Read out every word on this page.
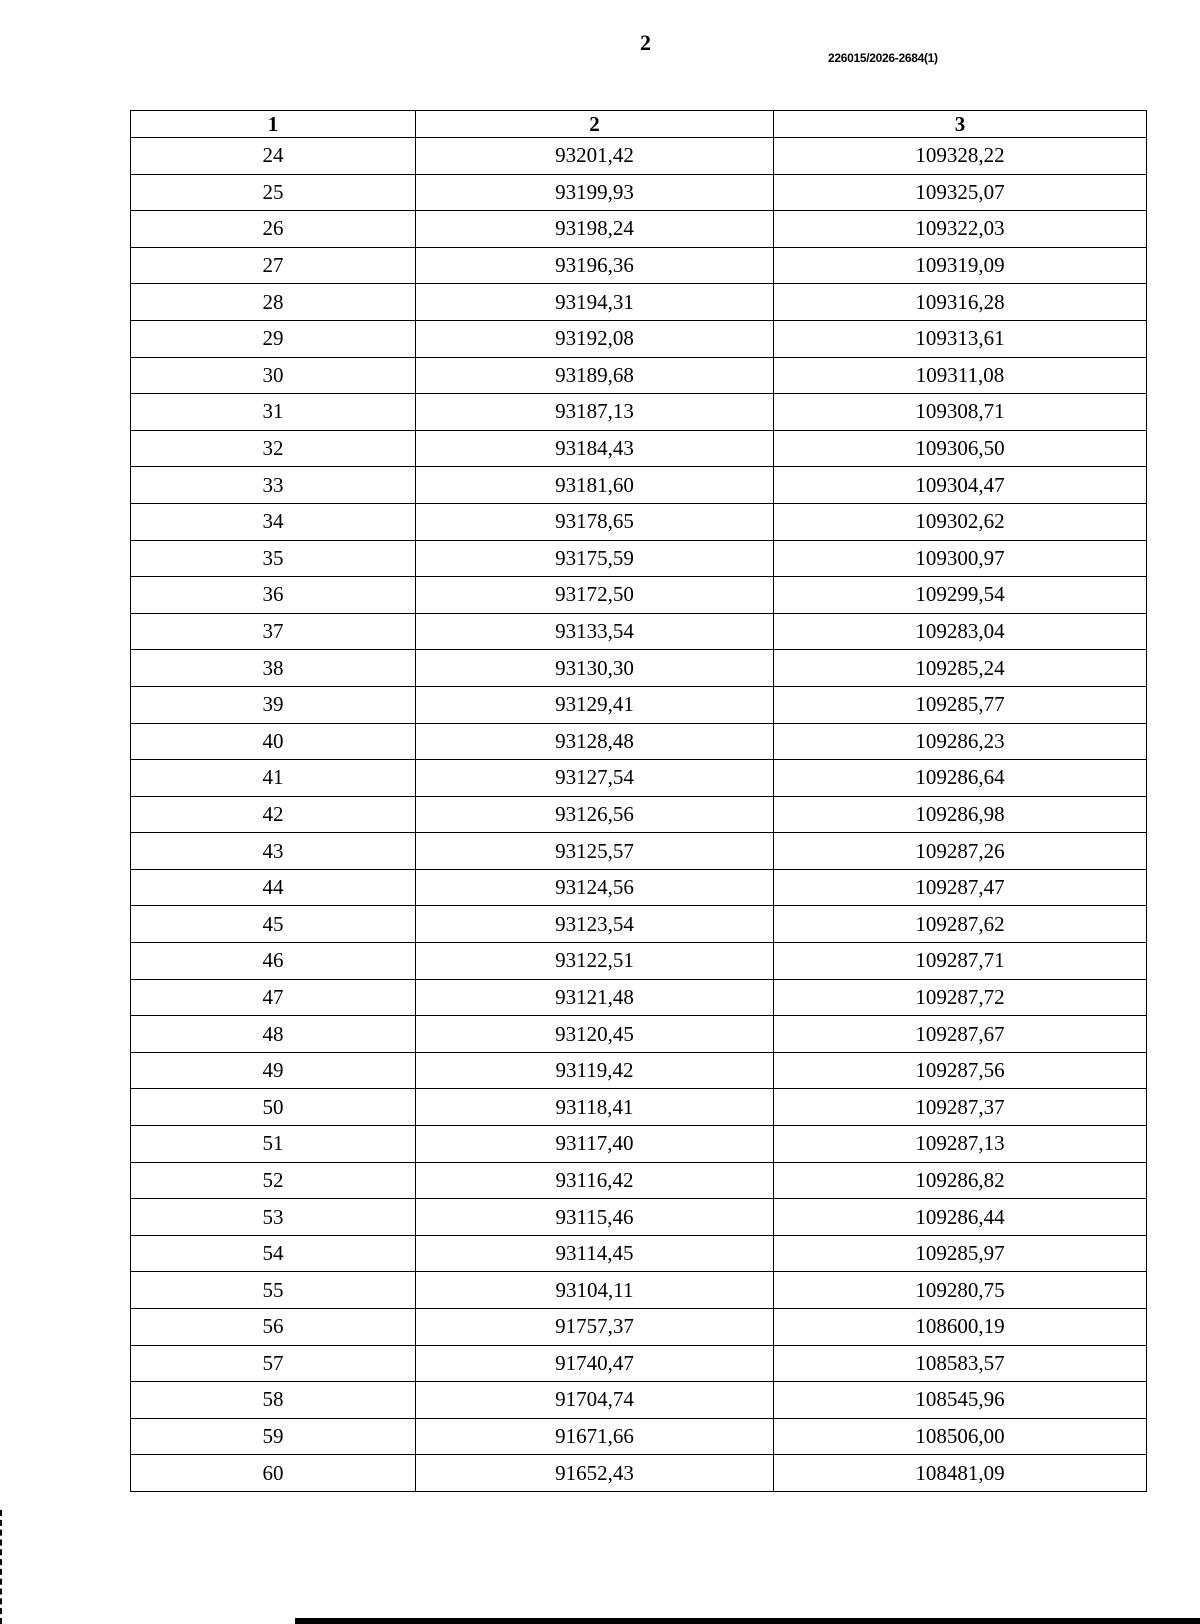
2
226015/2026-2684(1)
1	2	3
24	93201,42	109328,22
25	93199,93	109325,07
26	93198,24	109322,03
27	93196,36	109319,09
28	93194,31	109316,28
29	93192,08	109313,61
30	93189,68	109311,08
31	93187,13	109308,71
32	93184,43	109306,50
33	93181,60	109304,47
34	93178,65	109302,62
35	93175,59	109300,97
36	93172,50	109299,54
37	93133,54	109283,04
38	93130,30	109285,24
39	93129,41	109285,77
40	93128,48	109286,23
41	93127,54	109286,64
42	93126,56	109286,98
43	93125,57	109287,26
44	93124,56	109287,47
45	93123,54	109287,62
46	93122,51	109287,71
47	93121,48	109287,72
48	93120,45	109287,67
49	93119,42	109287,56
50	93118,41	109287,37
51	93117,40	109287,13
52	93116,42	109286,82
53	93115,46	109286,44
54	93114,45	109285,97
55	93104,11	109280,75
56	91757,37	108600,19
57	91740,47	108583,57
58	91704,74	108545,96
59	91671,66	108506,00
60	91652,43	108481,09
